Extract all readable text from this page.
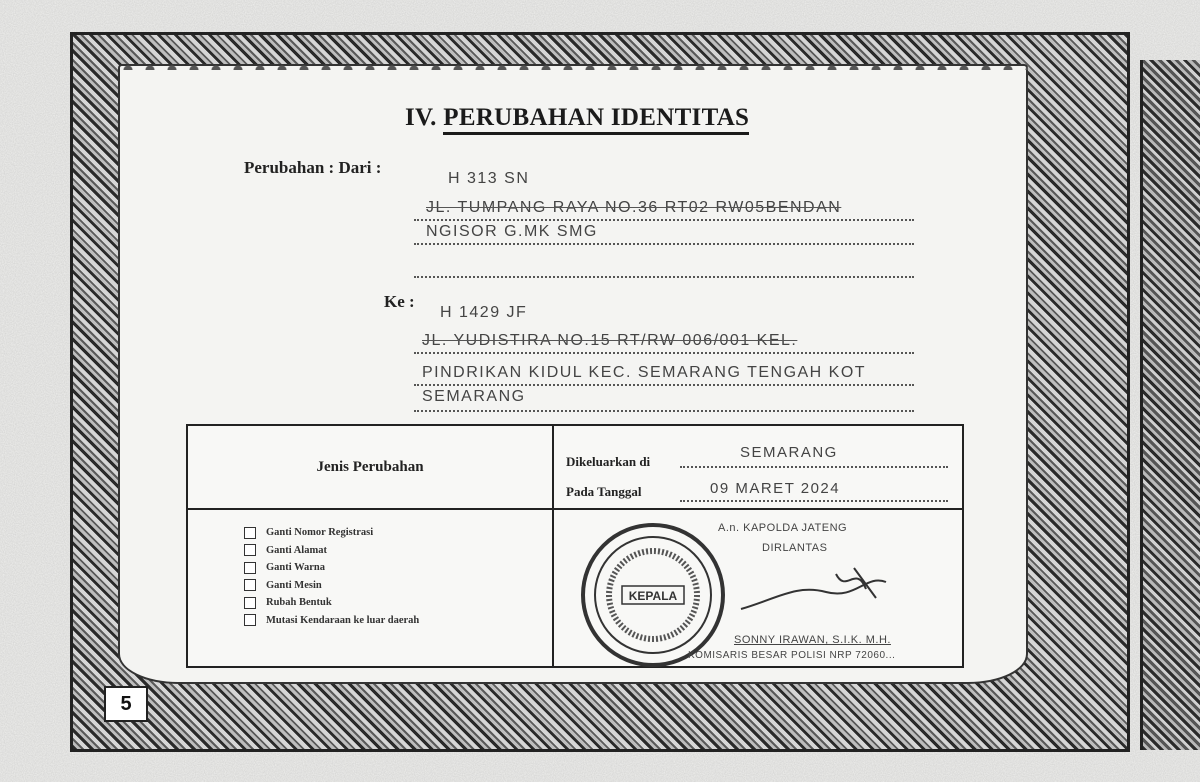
IV. PERUBAHAN IDENTITAS
Perubahan : Dari :
H 313 SN
JL. TUMPANG RAYA NO.36 RT02 RW05BENDAN
NGISOR G.MK SMG
Ke :
H 1429 JF
JL. YUDISTIRA NO.15 RT/RW 006/001 KEL.
PINDRIKAN KIDUL KEC. SEMARANG TENGAH KOT
SEMARANG
Jenis Perubahan	Dikeluarkan di
SEMARANG
Pada Tanggal	09 MARET 2024
Ganti Nomor Registrasi
Ganti Alamat
Ganti Warna
Ganti Mesin
Rubah Bentuk
Mutasi Kendaraan ke luar daerah
KEPALA
A.n. KAPOLDA JATENG
DIRLANTAS
SONNY IRAWAN, S.I.K. M.H.
KOMISARIS BESAR POLISI NRP 72060...
5
